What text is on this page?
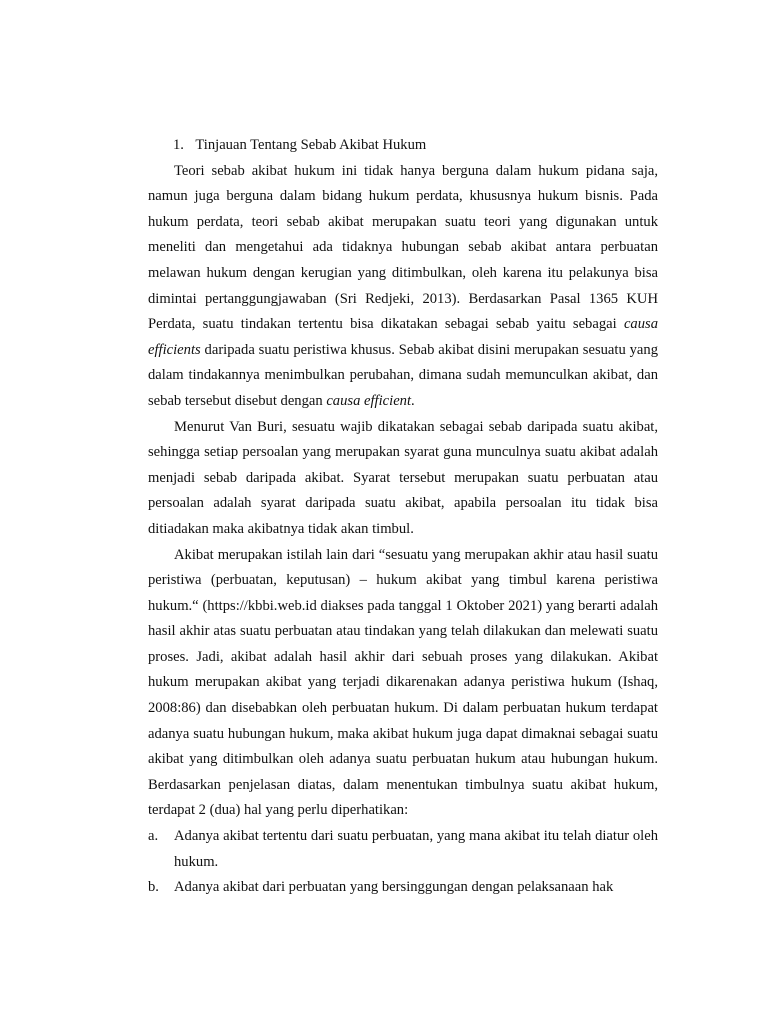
1. Tinjauan Tentang Sebab Akibat Hukum

Teori sebab akibat hukum ini tidak hanya berguna dalam hukum pidana saja, namun juga berguna dalam bidang hukum perdata, khususnya hukum bisnis. Pada hukum perdata, teori sebab akibat merupakan suatu teori yang digunakan untuk meneliti dan mengetahui ada tidaknya hubungan sebab akibat antara perbuatan melawan hukum dengan kerugian yang ditimbulkan, oleh karena itu pelakunya bisa dimintai pertanggungjawaban (Sri Redjeki, 2013). Berdasarkan Pasal 1365 KUH Perdata, suatu tindakan tertentu bisa dikatakan sebagai sebab yaitu sebagai causa efficients daripada suatu peristiwa khusus. Sebab akibat disini merupakan sesuatu yang dalam tindakannya menimbulkan perubahan, dimana sudah memunculkan akibat, dan sebab tersebut disebut dengan causa efficient.

Menurut Van Buri, sesuatu wajib dikatakan sebagai sebab daripada suatu akibat, sehingga setiap persoalan yang merupakan syarat guna munculnya suatu akibat adalah menjadi sebab daripada akibat. Syarat tersebut merupakan suatu perbuatan atau persoalan adalah syarat daripada suatu akibat, apabila persoalan itu tidak bisa ditiadakan maka akibatnya tidak akan timbul.

Akibat merupakan istilah lain dari “sesuatu yang merupakan akhir atau hasil suatu peristiwa (perbuatan, keputusan) – hukum akibat yang timbul karena peristiwa hukum.“ (https://kbbi.web.id diakses pada tanggal 1 Oktober 2021) yang berarti adalah hasil akhir atas suatu perbuatan atau tindakan yang telah dilakukan dan melewati suatu proses. Jadi, akibat adalah hasil akhir dari sebuah proses yang dilakukan. Akibat hukum merupakan akibat yang terjadi dikarenakan adanya peristiwa hukum (Ishaq, 2008:86) dan disebabkan oleh perbuatan hukum. Di dalam perbuatan hukum terdapat adanya suatu hubungan hukum, maka akibat hukum juga dapat dimaknai sebagai suatu akibat yang ditimbulkan oleh adanya suatu perbuatan hukum atau hubungan hukum. Berdasarkan penjelasan diatas, dalam menentukan timbulnya suatu akibat hukum, terdapat 2 (dua) hal yang perlu diperhatikan:

a. Adanya akibat tertentu dari suatu perbuatan, yang mana akibat itu telah diatur oleh hukum.
b. Adanya akibat dari perbuatan yang bersinggungan dengan pelaksanaan hak
